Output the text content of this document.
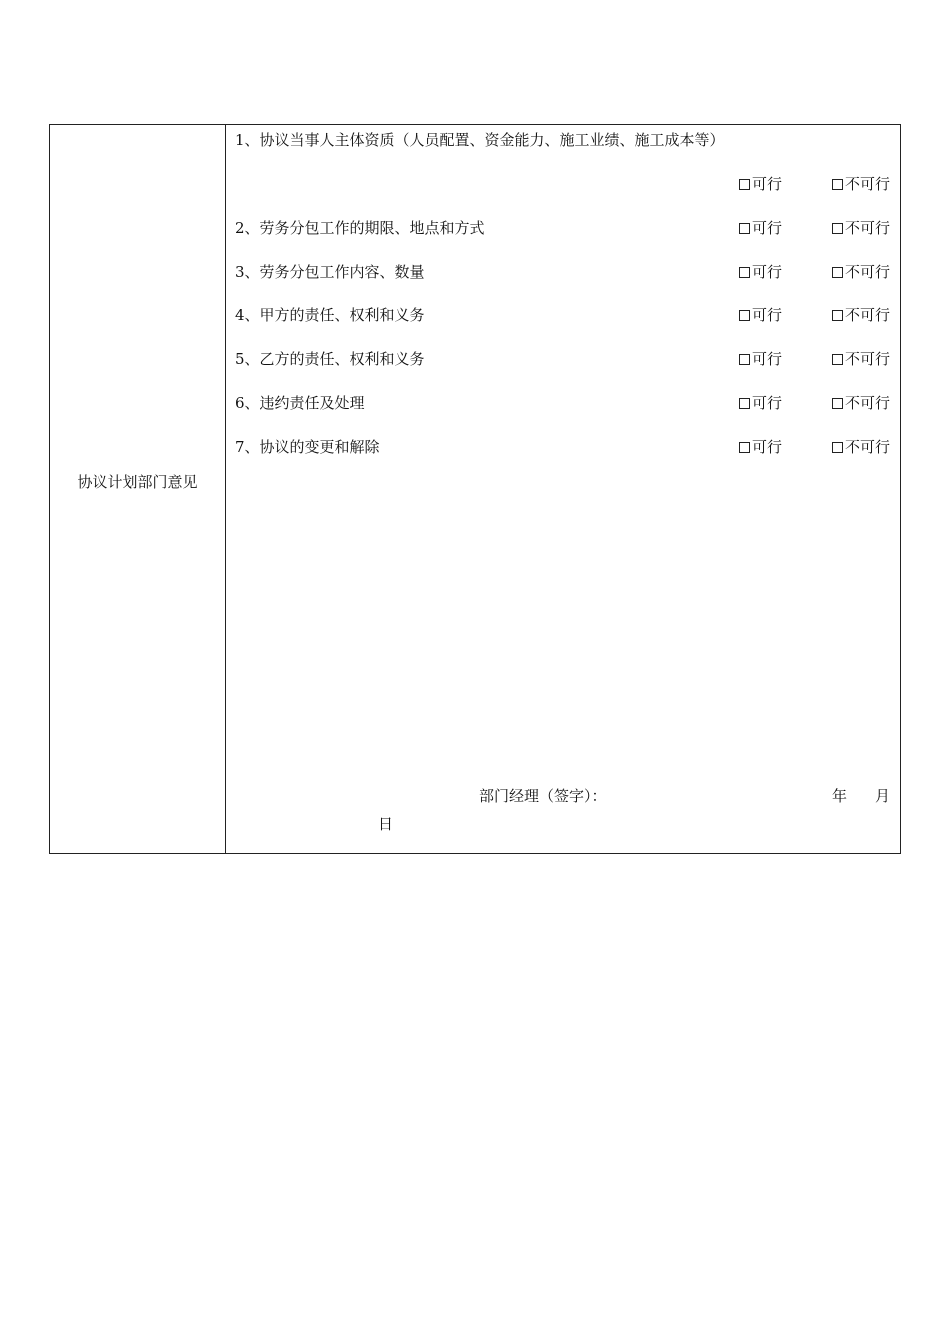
协议计划部门意见
1、协议当事人主体资质（人员配置、资金能力、施工业绩、施工成本等）
可行	不可行
2、劳务分包工作的期限、地点和方式	可行	不可行
3、劳务分包工作内容、数量	可行	不可行
4、甲方的责任、权利和义务	可行	不可行
5、乙方的责任、权利和义务	可行	不可行
6、违约责任及处理	可行	不可行
7、协议的变更和解除	可行	不可行
部门经理（签字）：	年 月
日
